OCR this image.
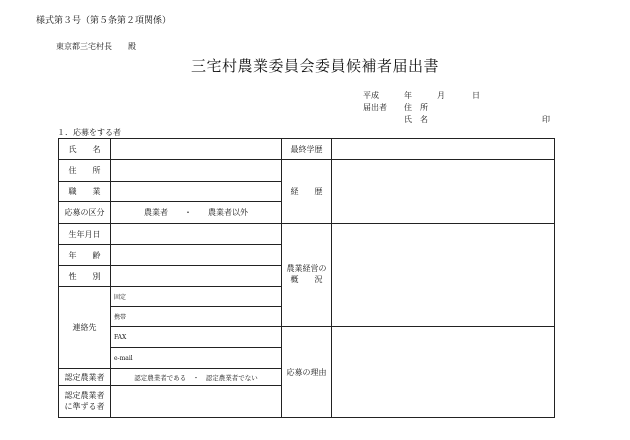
様式第３号（第５条第２項関係）
東京都三宅村長　　殿
三宅村農業委員会委員候補者届出書
平成	年	月	日
届出者 住　所
氏　名	印
１．応募をする者
氏　　名		最終学歴	
住　　所		経　　歴	
職　　業			
応募の区分	農業者　　・　　農業者以外		
生年月日		農業経営の概　　況	
年　　齢			
性　　別			
連絡先	固定		
	携帯		
	FAX	応募の理由	
	e-mail		
認定農業者	認定農業者である　・　認定農業者でない		
認定農業者に準ずる者			
